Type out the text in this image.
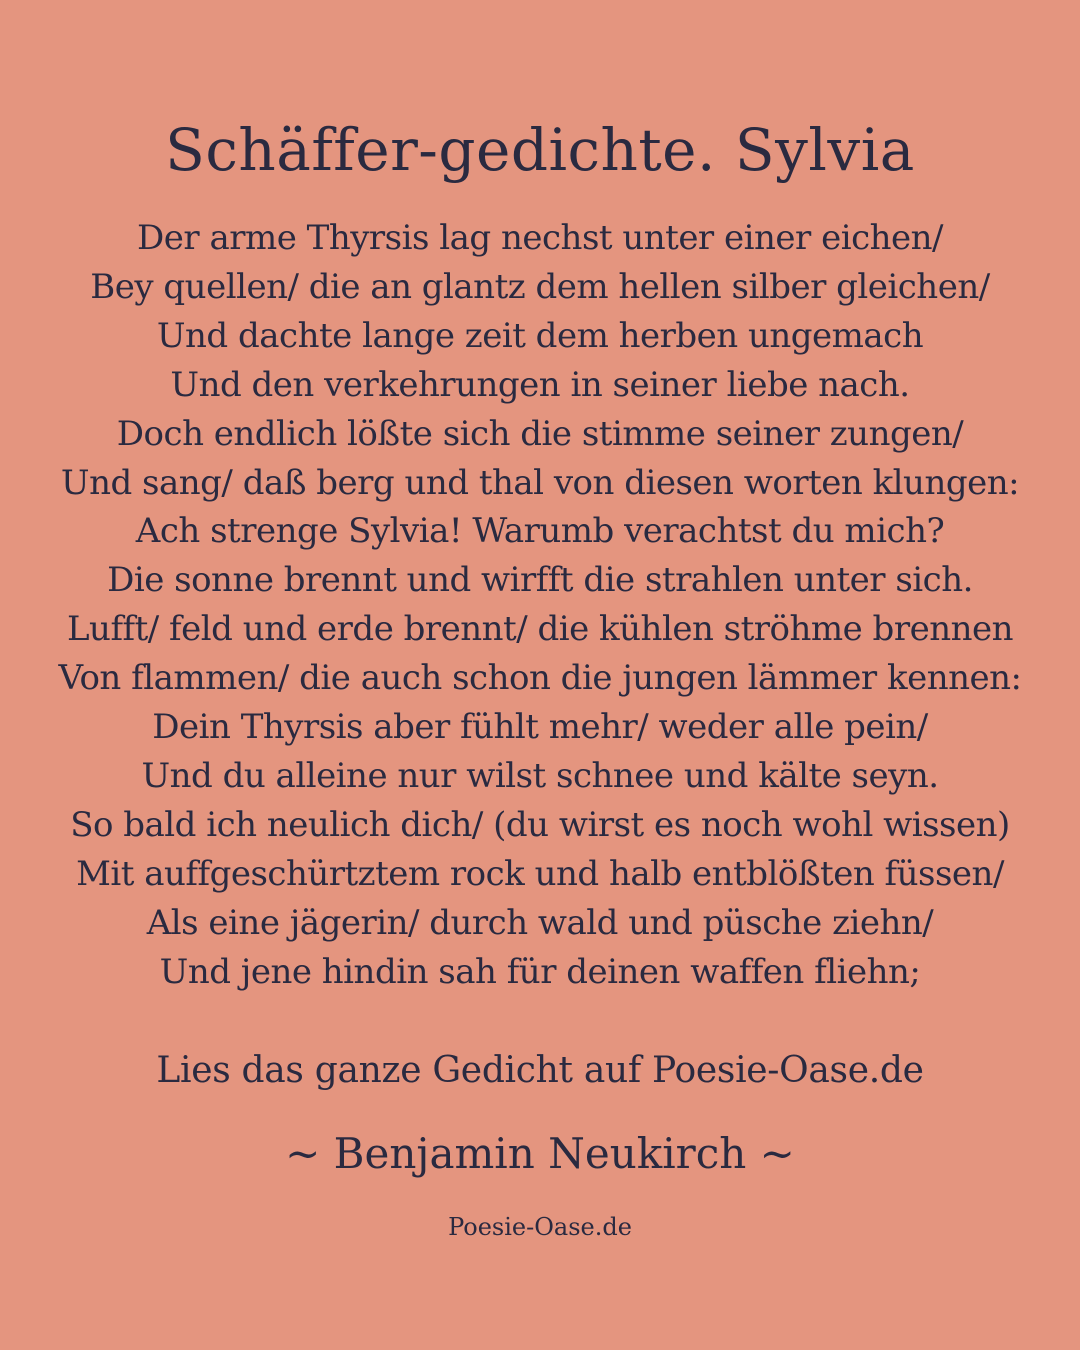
Schäffer-gedichte. Sylvia
Der arme Thyrsis lag nechst unter einer eichen/
Bey quellen/ die an glantz dem hellen silber gleichen/
Und dachte lange zeit dem herben ungemach
Und den verkehrungen in seiner liebe nach.
Doch endlich lößte sich die stimme seiner zungen/
Und sang/ daß berg und thal von diesen worten klungen:
Ach strenge Sylvia! Warumb verachtst du mich?
Die sonne brennt und wirfft die strahlen unter sich.
Lufft/ feld und erde brennt/ die kühlen ströhme brennen
Von flammen/ die auch schon die jungen lämmer kennen:
Dein Thyrsis aber fühlt mehr/ weder alle pein/
Und du alleine nur wilst schnee und kälte seyn.
So bald ich neulich dich/ (du wirst es noch wohl wissen)
Mit auffgeschürtztem rock und halb entblößten füssen/
Als eine jägerin/ durch wald und püsche ziehn/
Und jene hindin sah für deinen waffen fliehn;
Lies das ganze Gedicht auf Poesie-Oase.de
~ Benjamin Neukirch ~
Poesie-Oase.de
